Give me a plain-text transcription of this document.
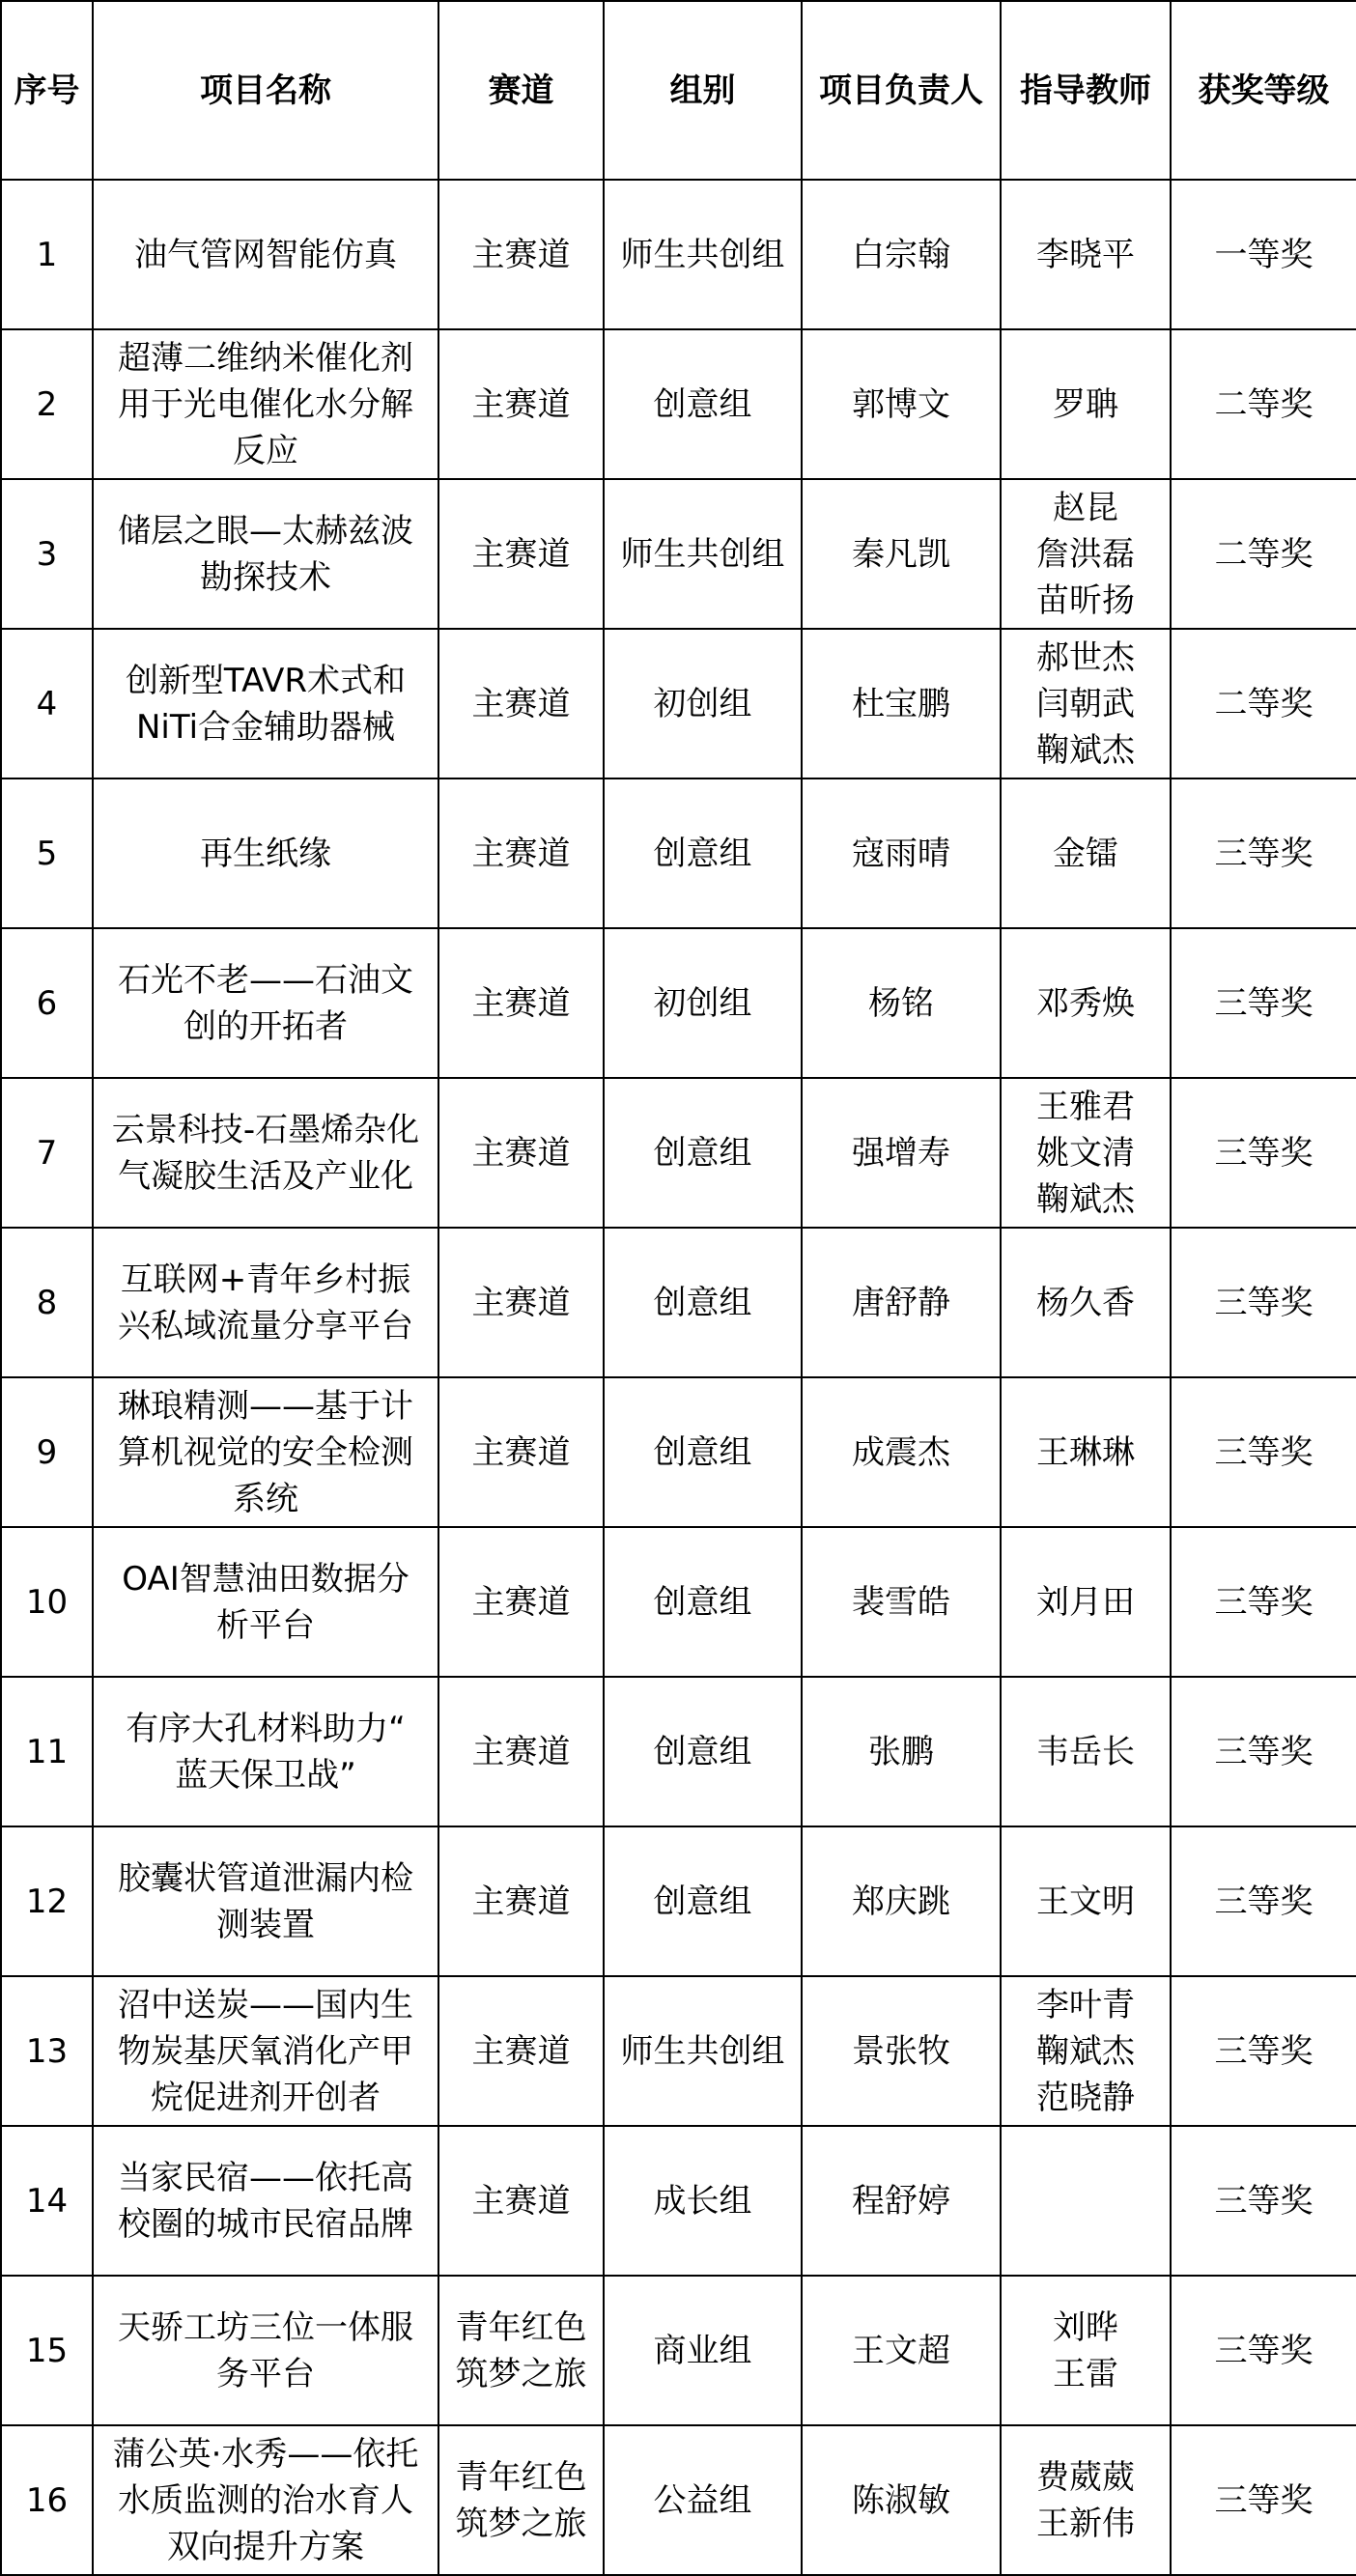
序号	项目名称	赛道	组别	项目负责人	指导教师	获奖等级
1	油气管网智能仿真	主赛道	师生共创组	白宗翰	李晓平	一等奖
2	超薄二维纳米催化剂
用于光电催化水分解
反应	主赛道	创意组	郭博文	罗聃	二等奖
3	储层之眼—太赫兹波
勘探技术	主赛道	师生共创组	秦凡凯	赵昆
詹洪磊
苗昕扬	二等奖
4	创新型TAVR术式和
NiTi合金辅助器械	主赛道	初创组	杜宝鹏	郝世杰
闫朝武
鞠斌杰	二等奖
5	再生纸缘	主赛道	创意组	寇雨晴	金镭	三等奖
6	石光不老——石油文
创的开拓者	主赛道	初创组	杨铭	邓秀焕	三等奖
7	云景科技-石墨烯杂化
气凝胶生活及产业化	主赛道	创意组	强增寿	王雅君
姚文清
鞠斌杰	三等奖
8	互联网+青年乡村振
兴私域流量分享平台	主赛道	创意组	唐舒静	杨久香	三等奖
9	琳琅精测——基于计
算机视觉的安全检测
系统	主赛道	创意组	成震杰	王琳琳	三等奖
10	OAI智慧油田数据分
析平台	主赛道	创意组	裴雪皓	刘月田	三等奖
11	有序大孔材料助力“
蓝天保卫战”	主赛道	创意组	张鹏	韦岳长	三等奖
12	胶囊状管道泄漏内检
测装置	主赛道	创意组	郑庆跳	王文明	三等奖
13	沼中送炭——国内生
物炭基厌氧消化产甲
烷促进剂开创者	主赛道	师生共创组	景张牧	李叶青
鞠斌杰
范晓静	三等奖
14	当家民宿——依托高
校圈的城市民宿品牌	主赛道	成长组	程舒婷		三等奖
15	天骄工坊三位一体服
务平台	青年红色
筑梦之旅	商业组	王文超	刘晔
王雷	三等奖
16	蒲公英·水秀——依托
水质监测的治水育人
双向提升方案	青年红色
筑梦之旅	公益组	陈淑敏	费葳葳
王新伟	三等奖
